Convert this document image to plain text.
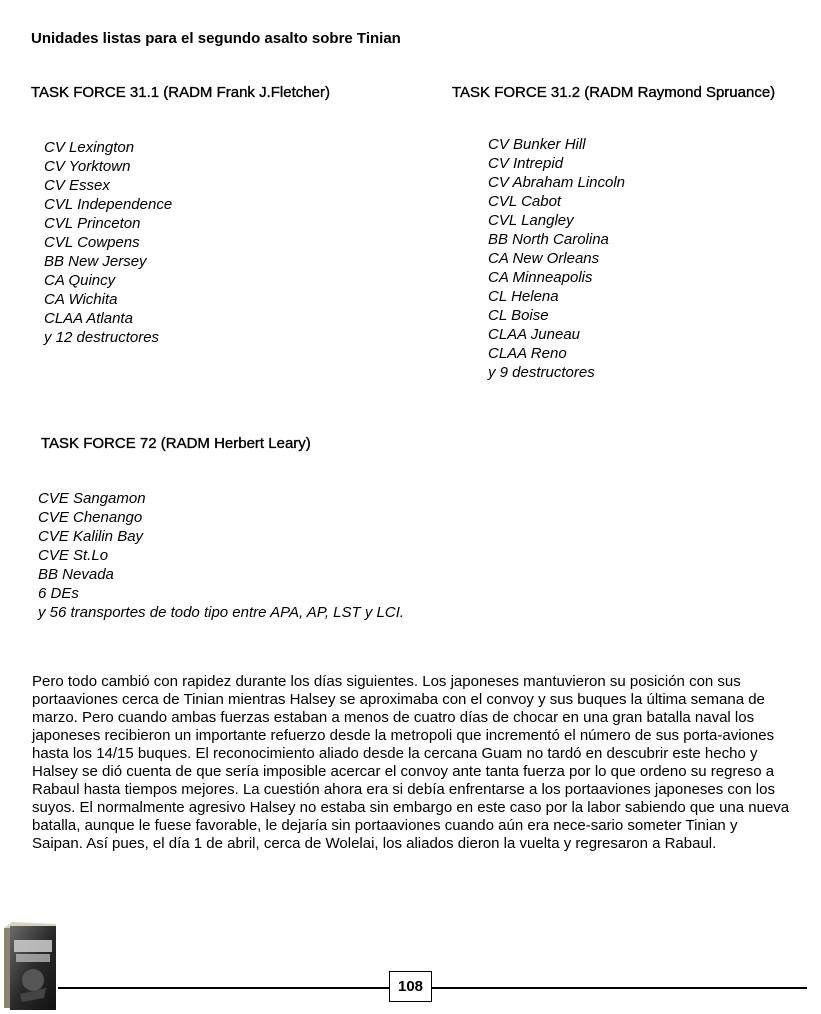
Unidades listas para el segundo asalto sobre Tinian
TASK FORCE 31.1 (RADM Frank J.Fletcher)	TASK FORCE 31.2 (RADM Raymond Spruance)
CV Lexington
CV Yorktown
CV Essex
CVL Independence
CVL Princeton
CVL Cowpens
BB New Jersey
CA Quincy
CA Wichita
CLAA Atlanta
y 12 destructores
CV Bunker Hill
CV Intrepid
CV Abraham Lincoln
CVL Cabot
CVL Langley
BB North Carolina
CA New Orleans
CA Minneapolis
CL Helena
CL Boise
CLAA Juneau
CLAA Reno
y 9 destructores
TASK FORCE 72 (RADM Herbert Leary)
CVE Sangamon
CVE Chenango
CVE Kalilin Bay
CVE St.Lo
BB Nevada
6 DEs
y 56 transportes de todo tipo entre APA, AP, LST y LCI.

Pero todo cambió con rapidez durante los días siguientes. Los japoneses mantuvieron su posición con sus portaaviones cerca de Tinian mientras Halsey se aproximaba con el convoy y sus buques la última semana de marzo. Pero cuando ambas fuerzas estaban a menos de cuatro días de chocar en una gran batalla naval los japoneses recibieron un importante refuerzo desde la metropoli que incrementó el número de sus porta-aviones hasta los 14/15 buques. El reconocimiento aliado desde la cercana Guam no tardó en descubrir este hecho y Halsey se dió cuenta de que sería imposible acercar el convoy ante tanta fuerza por lo que ordeno su regreso a Rabaul hasta tiempos mejores. La cuestión ahora era si debía enfrentarse a los portaaviones japoneses con los suyos. El normalmente agresivo Halsey no estaba sin embargo en este caso por la labor sabiendo que una nueva batalla, aunque le fuese favorable, le dejaría sin portaaviones cuando aún era nece-sario someter Tinian y Saipan. Así pues, el día 1 de abril, cerca de Wolelai, los aliados dieron la vuelta y regresaron a Rabaul.

108
